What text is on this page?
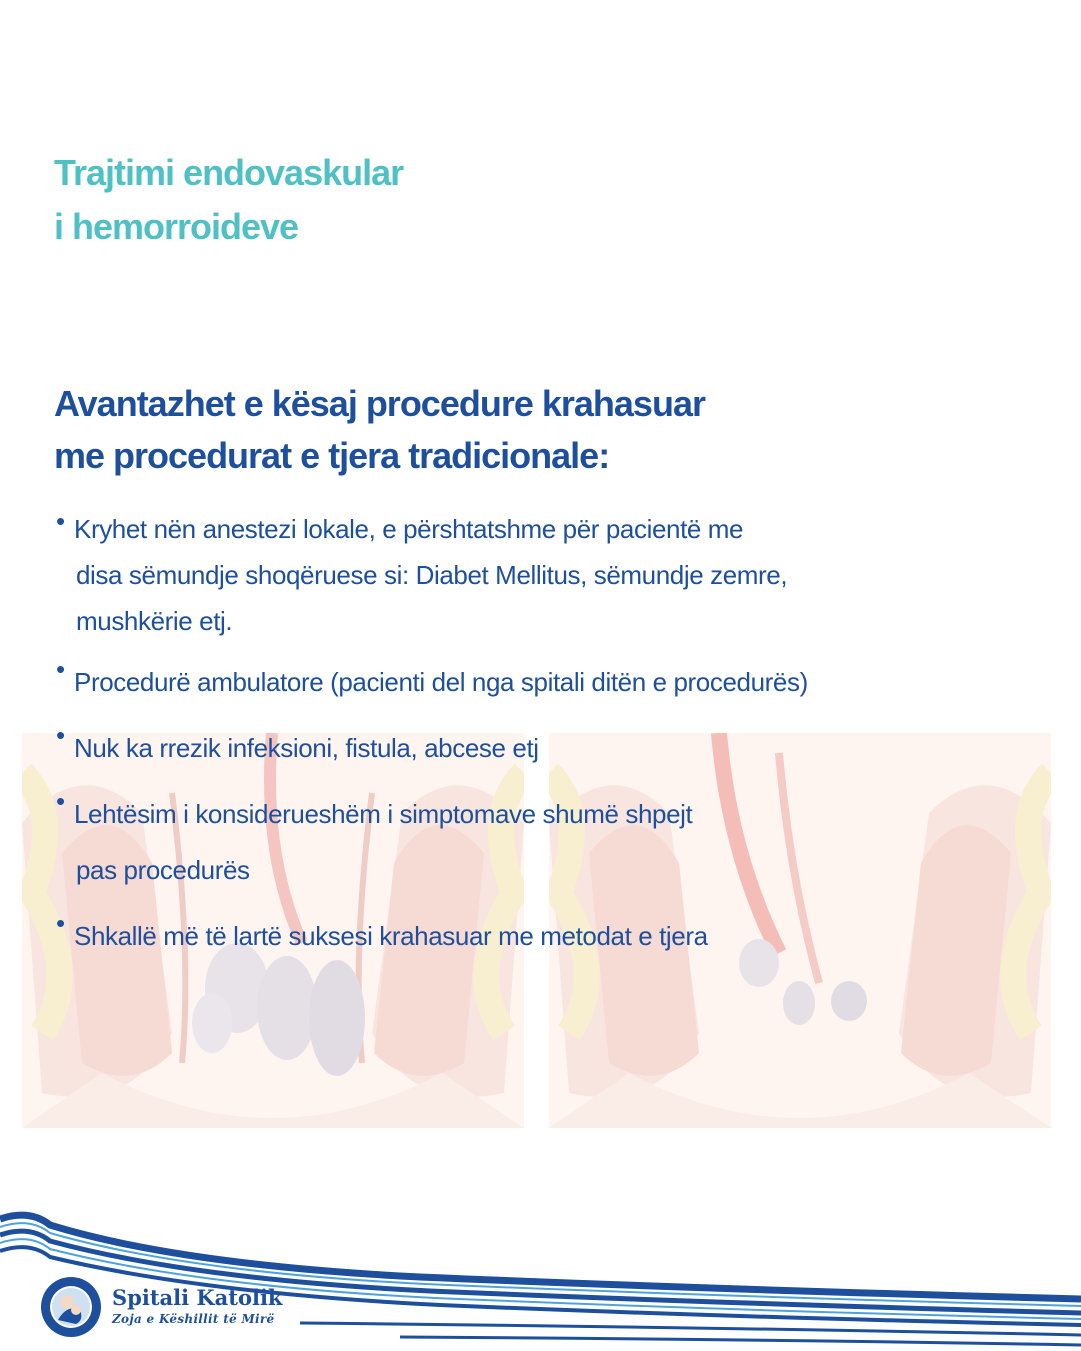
Trajtimi endovaskular
i hemorroideve
Avantazhet e kësaj procedure krahasuar
me procedurat e tjera tradicionale:
• Kryhet nën anestezi lokale, e përshtatshme për pacientë me
disa sëmundje shoqëruese si: Diabet Mellitus, sëmundje zemre,
mushkërie etj.
• Procedurë ambulatore (pacienti del nga spitali ditën e procedurës)
• Nuk ka rrezik infeksioni, fistula, abcese etj
• Lehtësim i konsiderueshëm i simptomave shumë shpejt
pas procedurës
• Shkallë më të lartë suksesi krahasuar me metodat e tjera
Spitali Katolik
Zoja e Këshillit të Mirë
